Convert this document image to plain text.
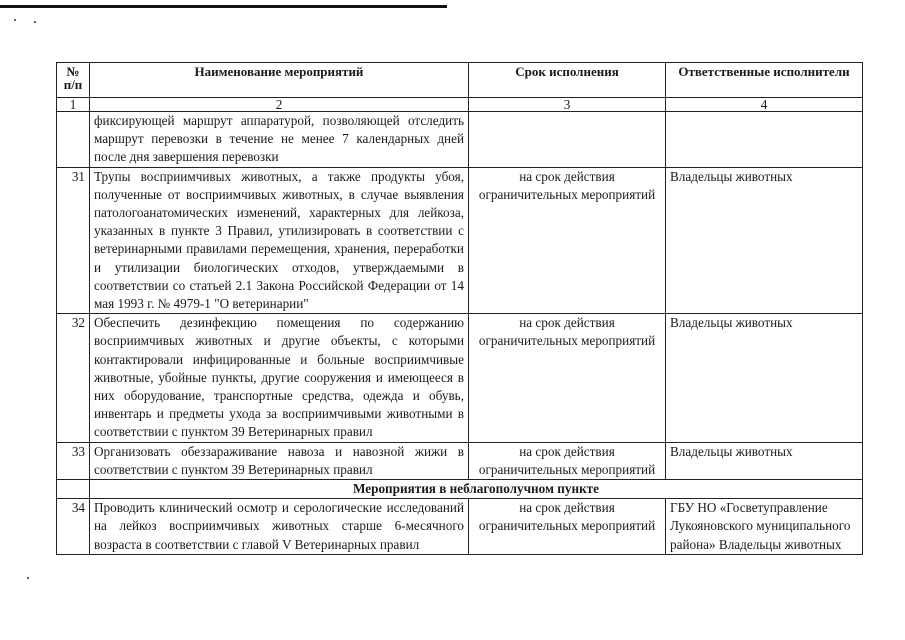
№ п/п	Наименование мероприятий	Срок исполнения	Ответственные исполнители
1	2	3	4
	фиксирующей маршрут аппаратурой, позволяющей отследить маршрут перевозки в течение не менее 7 календарных дней после дня завершения перевозки		
31	Трупы восприимчивых животных, а также продукты убоя, полученные от восприимчивых животных, в случае выявления патологоанатомических изменений, характерных для лейкоза, указанных в пункте 3 Правил, утилизировать в соответствии с ветеринарными правилами перемещения, хранения, переработки и утилизации биологических отходов, утверждаемыми в соответствии со статьей 2.1 Закона Российской Федерации от 14 мая 1993 г. № 4979-1 "О ветеринарии"	на срок действия ограничительных мероприятий	Владельцы животных
32	Обеспечить дезинфекцию помещения по содержанию восприимчивых животных и другие объекты, с которыми контактировали инфицированные и больные восприимчивые животные, убойные пункты, другие сооружения и имеющееся в них оборудование, транспортные средства, одежда и обувь, инвентарь и предметы ухода за восприимчивыми животными в соответствии с пунктом 39 Ветеринарных правил	на срок действия ограничительных мероприятий	Владельцы животных
33	Организовать обеззараживание навоза и навозной жижи в соответствии с пунктом 39 Ветеринарных правил	на срок действия ограничительных мероприятий	Владельцы животных
	Мероприятия в неблагополучном пункте		
34	Проводить клинический осмотр и серологические исследований на лейкоз восприимчивых животных старше 6-месячного возраста в соответствии с главой V Ветеринарных правил	на срок действия ограничительных мероприятий	ГБУ НО «Госветуправление Лукояновского муниципального района» Владельцы животных
